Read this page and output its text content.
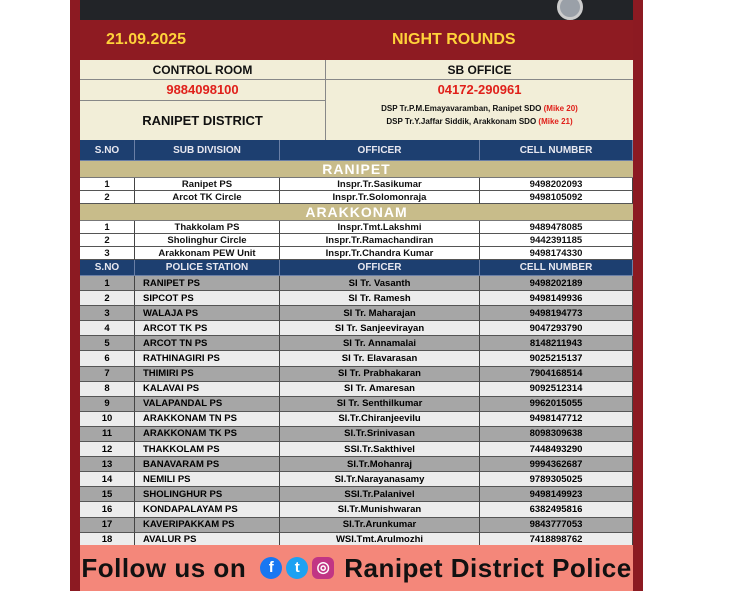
21.09.2025	NIGHT ROUNDS
CONTROL ROOM
9884098100
RANIPET DISTRICT
SB OFFICE
04172-290961
DSP Tr.P.M.Emayavaramban, Ranipet SDO (Mike 20)
DSP Tr.Y.Jaffar Siddik, Arakkonam SDO (Mike 21)
S.NO	SUB DIVISION	OFFICER	CELL NUMBER
RANIPET
1	Ranipet PS	Inspr.Tr.Sasikumar	9498202093
2	Arcot TK Circle	Inspr.Tr.Solomonraja	9498105092
ARAKKONAM
1	Thakkolam PS	Inspr.Tmt.Lakshmi	9489478085
2	Sholinghur Circle	Inspr.Tr.Ramachandiran	9442391185
3	Arakkonam PEW Unit	Inspr.Tr.Chandra Kumar	9498174330
S.NO	POLICE STATION	OFFICER	CELL NUMBER
1	RANIPET PS	SI Tr. Vasanth	9498202189
2	SIPCOT PS	SI Tr. Ramesh	9498149936
3	WALAJA PS	SI Tr. Maharajan	9498194773
4	ARCOT TK PS	SI Tr. Sanjeevirayan	9047293790
5	ARCOT TN PS	SI Tr. Annamalai	8148211943
6	RATHINAGIRI PS	SI Tr. Elavarasan	9025215137
7	THIMIRI PS	SI Tr. Prabhakaran	7904168514
8	KALAVAI PS	SI Tr. Amaresan	9092512314
9	VALAPANDAL PS	SI Tr. Senthilkumar	9962015055
10	ARAKKONAM TN PS	SI.Tr.Chiranjeevilu	9498147712
11	ARAKKONAM TK PS	SI.Tr.Srinivasan	8098309638
12	THAKKOLAM PS	SSI.Tr.Sakthivel	7448493290
13	BANAVARAM PS	SI.Tr.Mohanraj	9994362687
14	NEMILI PS	SI.Tr.Narayanasamy	9789305025
15	SHOLINGHUR PS	SSI.Tr.Palanivel	9498149923
16	KONDAPALAYAM PS	SI.Tr.Munishwaran	6382495816
17	KAVERIPAKKAM PS	SI.Tr.Arunkumar	9843777053
18	AVALUR PS	WSI.Tmt.Arulmozhi	7418898762
Follow us on	f	t	◎ Ranipet District Police
